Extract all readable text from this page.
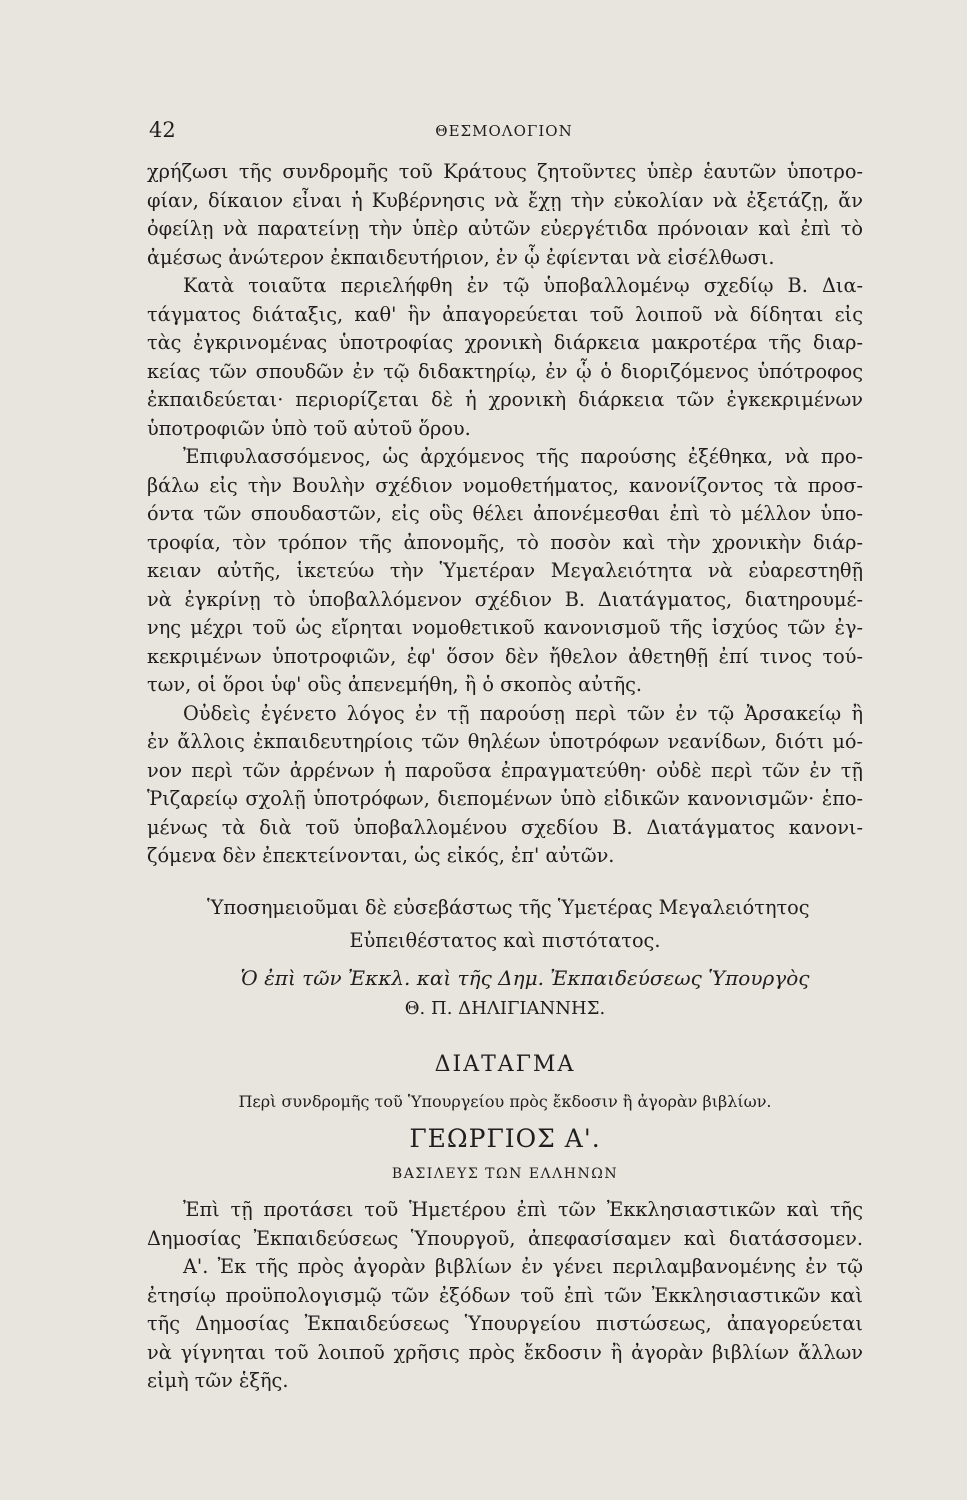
42	ΘΕΣΜΟΛΟΓΙΟΝ
χρήζωσι τῆς συνδρομῆς τοῦ Κράτους ζητοῦντες ὑπὲρ ἑαυτῶν ὑποτρο-
φίαν, δίκαιον εἶναι ἡ Κυβέρνησις νὰ ἔχῃ τὴν εὐκολίαν νὰ ἐξετάζῃ, ἄν
ὀφείλῃ νὰ παρατείνῃ τὴν ὑπὲρ αὐτῶν εὐεργέτιδα πρόνοιαν καὶ ἐπὶ τὸ
ἀμέσως ἀνώτερον ἐκπαιδευτήριον, ἐν ᾧ ἐφίενται νὰ εἰσέλθωσι.
Κατὰ τοιαῦτα περιελήφθη ἐν τῷ ὑποβαλλομένῳ σχεδίῳ Β. Δια-
τάγματος διάταξις, καθ' ἣν ἀπαγορεύεται τοῦ λοιποῦ νὰ δίδηται εἰς
τὰς ἐγκρινομένας ὑποτροφίας χρονικὴ διάρκεια μακροτέρα τῆς διαρ-
κείας τῶν σπουδῶν ἐν τῷ διδακτηρίῳ, ἐν ᾧ ὁ διοριζόμενος ὑπότροφος
ἐκπαιδεύεται· περιορίζεται δὲ ἡ χρονικὴ διάρκεια τῶν ἐγκεκριμένων
ὑποτροφιῶν ὑπὸ τοῦ αὐτοῦ ὅρου.
Ἐπιφυλασσόμενος, ὡς ἀρχόμενος τῆς παρούσης ἐξέθηκα, νὰ προ-
βάλω εἰς τὴν Βουλὴν σχέδιον νομοθετήματος, κανονίζοντος τὰ προσ-
όντα τῶν σπουδαστῶν, εἰς οὓς θέλει ἀπονέμεσθαι ἐπὶ τὸ μέλλον ὑπο-
τροφία, τὸν τρόπον τῆς ἀπονομῆς, τὸ ποσὸν καὶ τὴν χρονικὴν διάρ-
κειαν αὐτῆς, ἱκετεύω τὴν Ὑμετέραν Μεγαλειότητα νὰ εὐαρεστηθῇ
νὰ ἐγκρίνῃ τὸ ὑποβαλλόμενον σχέδιον Β. Διατάγματος, διατηρουμέ-
νης μέχρι τοῦ ὡς εἴρηται νομοθετικοῦ κανονισμοῦ τῆς ἰσχύος τῶν ἐγ-
κεκριμένων ὑποτροφιῶν, ἐφ' ὅσον δὲν ἤθελον ἀθετηθῇ ἐπί τινος τού-
των, οἱ ὅροι ὑφ' οὓς ἀπενεμήθη, ἢ ὁ σκοπὸς αὐτῆς.
Οὐδεὶς ἐγένετο λόγος ἐν τῇ παρούσῃ περὶ τῶν ἐν τῷ Ἀρσακείῳ ἢ
ἐν ἄλλοις ἐκπαιδευτηρίοις τῶν θηλέων ὑποτρόφων νεανίδων, διότι μό-
νον περὶ τῶν ἀρρένων ἡ παροῦσα ἐπραγματεύθη· οὐδὲ περὶ τῶν ἐν τῇ
Ῥιζαρείῳ σχολῇ ὑποτρόφων, διεπομένων ὑπὸ εἰδικῶν κανονισμῶν· ἑπο-
μένως τὰ διὰ τοῦ ὑποβαλλομένου σχεδίου Β. Διατάγματος κανονι-
ζόμενα δὲν ἐπεκτείνονται, ὡς εἰκός, ἐπ' αὐτῶν.
Ὑποσημειοῦμαι δὲ εὐσεβάστως τῆς Ὑμετέρας Μεγαλειότητος
Εὐπειθέστατος καὶ πιστότατος.
Ὁ ἐπὶ τῶν Ἐκκλ. καὶ τῆς Δημ. Ἐκπαιδεύσεως Ὑπουργὸς
Θ. Π. ΔΗΛΙΓΙΑΝΝΗΣ.
ΔΙΑΤΑΓΜΑ
Περὶ συνδρομῆς τοῦ Ὑπουργείου πρὸς ἔκδοσιν ἢ ἀγορὰν βιβλίων.
ΓΕΩΡΓΙΟΣ Α'.
ΒΑΣΙΛΕΥΣ ΤΩΝ ΕΛΛΗΝΩΝ
Ἐπὶ τῇ προτάσει τοῦ Ἡμετέρου ἐπὶ τῶν Ἐκκλησιαστικῶν καὶ τῆς
Δημοσίας Ἐκπαιδεύσεως Ὑπουργοῦ, ἀπεφασίσαμεν καὶ διατάσσομεν.
Α'. Ἐκ τῆς πρὸς ἀγορὰν βιβλίων ἐν γένει περιλαμβανομένης ἐν τῷ
ἐτησίῳ προϋπολογισμῷ τῶν ἐξόδων τοῦ ἐπὶ τῶν Ἐκκλησιαστικῶν καὶ
τῆς Δημοσίας Ἐκπαιδεύσεως Ὑπουργείου πιστώσεως, ἀπαγορεύεται
νὰ γίγνηται τοῦ λοιποῦ χρῆσις πρὸς ἔκδοσιν ἢ ἀγορὰν βιβλίων ἄλλων
εἰμὴ τῶν ἑξῆς.
